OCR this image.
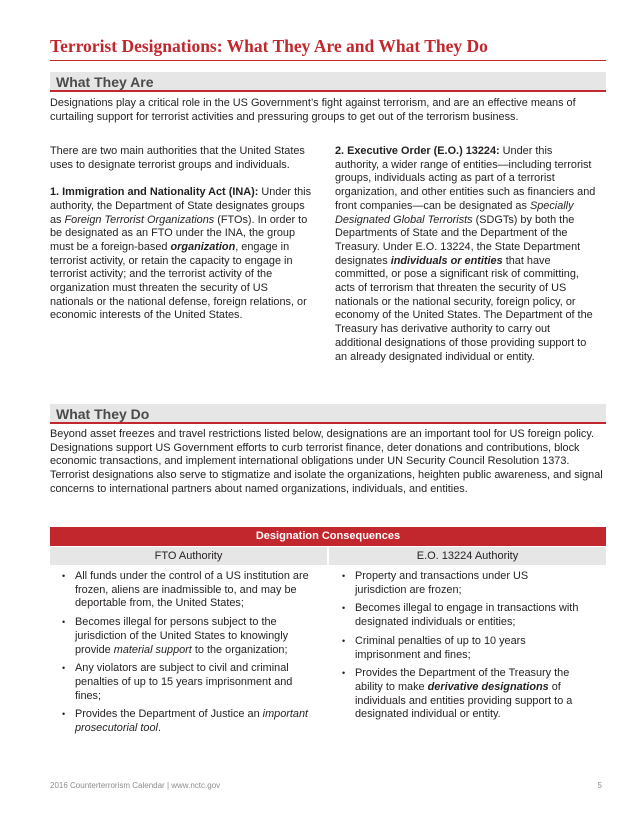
Terrorist Designations: What They Are and What They Do
What They Are

Designations play a critical role in the US Government’s fight against terrorism, and are an effective means of curtailing support for terrorist activities and pressuring groups to get out of the terrorism business.

There are two main authorities that the United States uses to designate terrorist groups and individuals.

1. Immigration and Nationality Act (INA): Under this authority, the Department of State designates groups as Foreign Terrorist Organizations (FTOs). In order to be designated as an FTO under the INA, the group must be a foreign-based organization, engage in terrorist activity, or retain the capacity to engage in terrorist activity; and the terrorist activity of the organization must threaten the security of US nationals or the national defense, foreign relations, or economic interests of the United States.

2. Executive Order (E.O.) 13224: Under this authority, a wider range of entities—including terrorist groups, individuals acting as part of a terrorist organization, and other entities such as financiers and front companies—can be designated as Specially Designated Global Terrorists (SDGTs) by both the Departments of State and the Department of the Treasury. Under E.O. 13224, the State Department designates individuals or entities that have committed, or pose a significant risk of committing, acts of terrorism that threaten the security of US nationals or the national security, foreign policy, or economy of the United States. The Department of the Treasury has derivative authority to carry out additional designations of those providing support to an already designated individual or entity.

What They Do

Beyond asset freezes and travel restrictions listed below, designations are an important tool for US foreign policy. Designations support US Government efforts to curb terrorist finance, deter donations and contributions, block economic transactions, and implement international obligations under UN Security Council Resolution 1373. Terrorist designations also serve to stigmatize and isolate the organizations, heighten public awareness, and signal concerns to international partners about named organizations, individuals, and entities.

Designation Consequences
FTO Authority	E.O. 13224 Authority
• All funds under the control of a US institution are frozen, aliens are inadmissible to, and may be deportable from, the United States;
• Becomes illegal for persons subject to the jurisdiction of the United States to knowingly provide material support to the organization;
• Any violators are subject to civil and criminal penalties of up to 15 years imprisonment and fines;
• Provides the Department of Justice an important prosecutorial tool.
• Property and transactions under US jurisdiction are frozen;
• Becomes illegal to engage in transactions with designated individuals or entities;
• Criminal penalties of up to 10 years imprisonment and fines;
• Provides the Department of the Treasury the ability to make derivative designations of individuals and entities providing support to a designated individual or entity.
2016 Counterterrorism Calendar | www.nctc.gov	5
